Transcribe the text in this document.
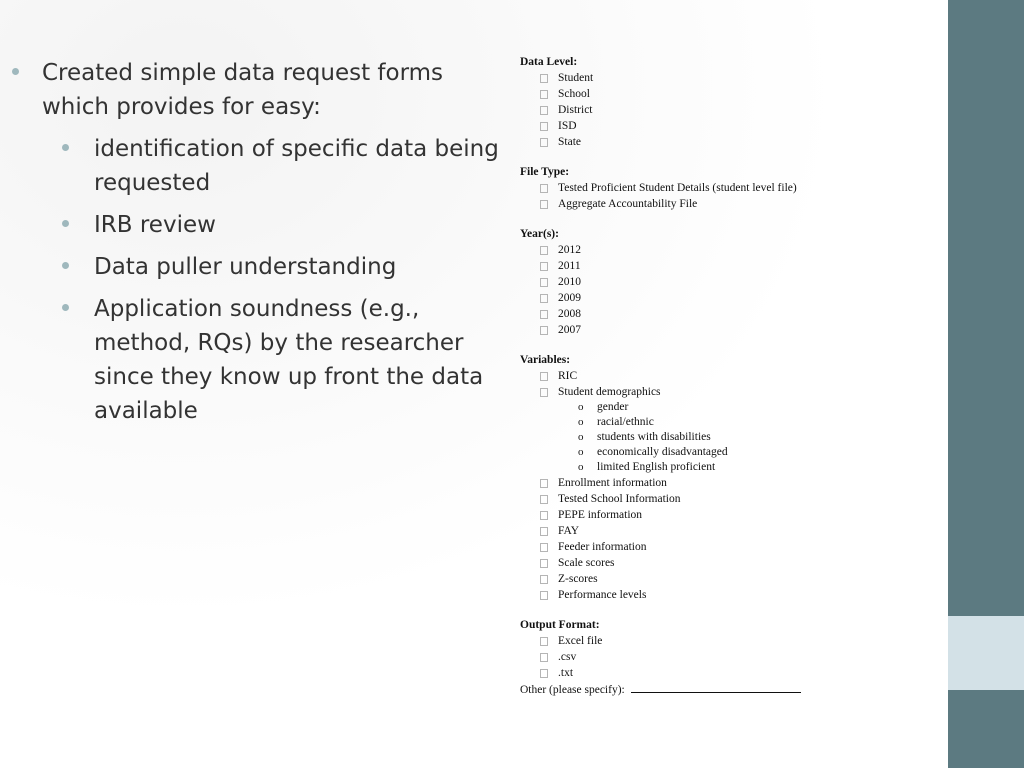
Created simple data request forms which provides for easy:
identification of specific data being requested
IRB review
Data puller understanding
Application soundness (e.g., method, RQs) by the researcher since they know up front the data available
Data Level:
Student
School
District
ISD
State
File Type:
Tested Proficient Student Details (student level file)
Aggregate Accountability File
Year(s):
2012
2011
2010
2009
2008
2007
Variables:
RIC
Student demographics
o gender
o racial/ethnic
o students with disabilities
o economically disadvantaged
o limited English proficient
Enrollment information
Tested School Information
PEPE information
FAY
Feeder information
Scale scores
Z-scores
Performance levels
Output Format:
Excel file
.csv
.txt
Other (please specify):
